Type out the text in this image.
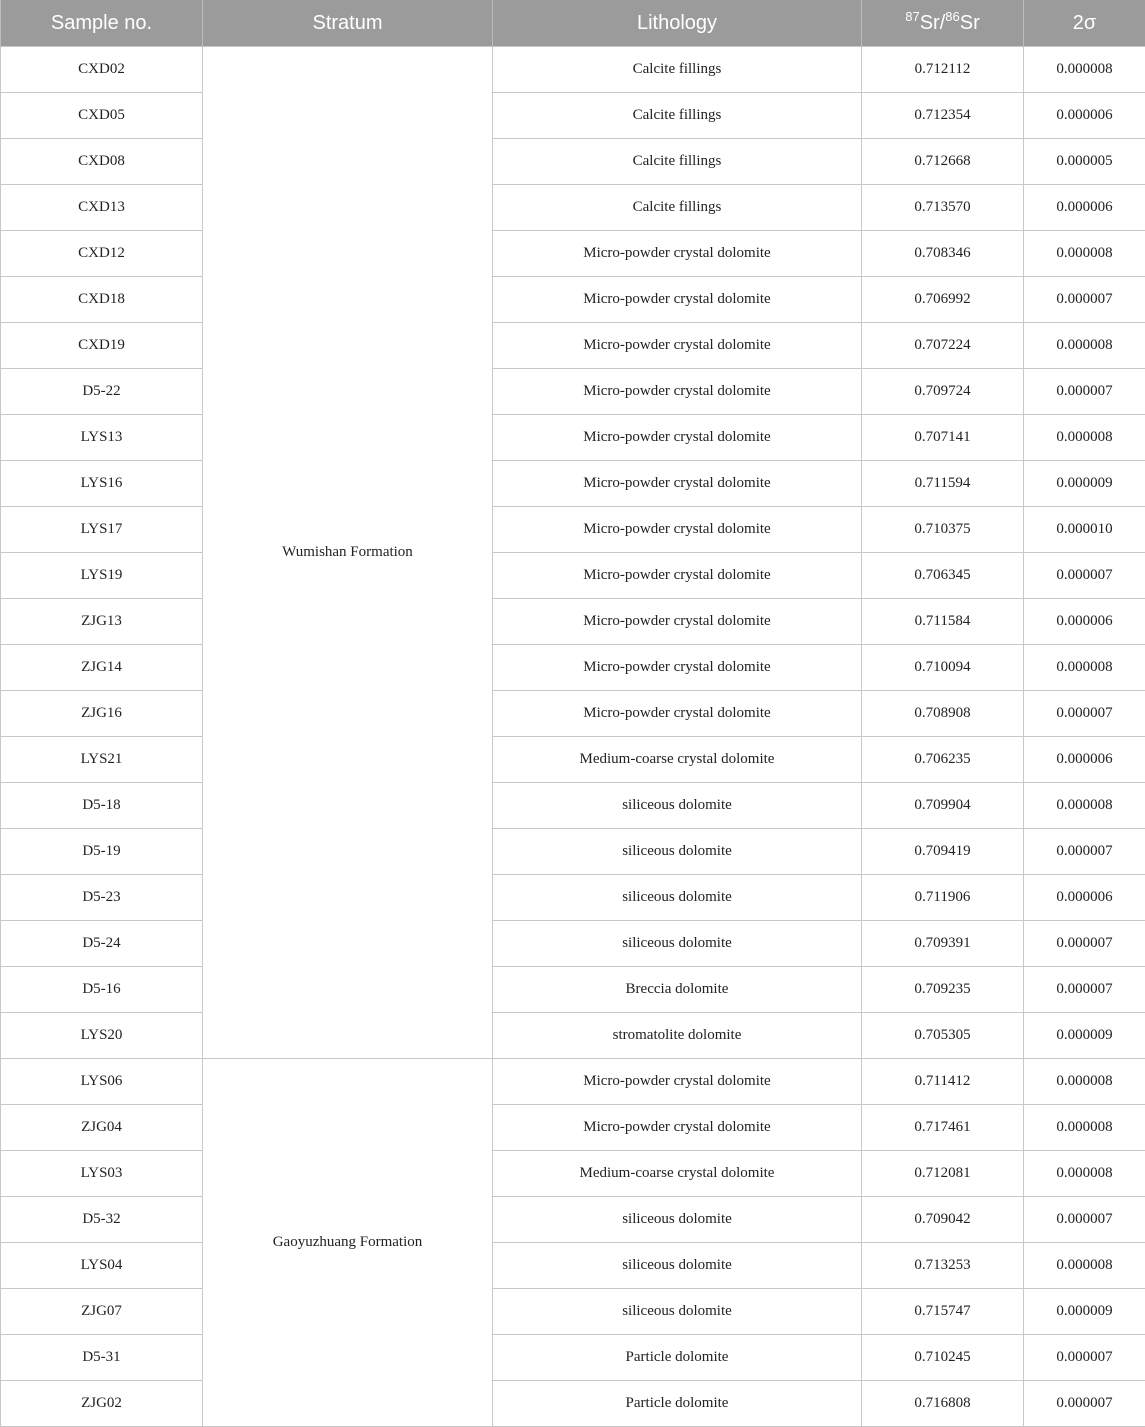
Sample no.	Stratum	Lithology	$^{87}$Sr/$^{86}$Sr	2σ
CXD02	Wumishan Formation	Calcite fillings	0.712112	0.000008
CXD05		Calcite fillings	0.712354	0.000006
CXD08		Calcite fillings	0.712668	0.000005
CXD13		Calcite fillings	0.713570	0.000006
CXD12		Micro-powder crystal dolomite	0.708346	0.000008
CXD18		Micro-powder crystal dolomite	0.706992	0.000007
CXD19		Micro-powder crystal dolomite	0.707224	0.000008
D5-22		Micro-powder crystal dolomite	0.709724	0.000007
LYS13		Micro-powder crystal dolomite	0.707141	0.000008
LYS16		Micro-powder crystal dolomite	0.711594	0.000009
LYS17		Micro-powder crystal dolomite	0.710375	0.000010
LYS19		Micro-powder crystal dolomite	0.706345	0.000007
ZJG13		Micro-powder crystal dolomite	0.711584	0.000006
ZJG14		Micro-powder crystal dolomite	0.710094	0.000008
ZJG16		Micro-powder crystal dolomite	0.708908	0.000007
LYS21		Medium-coarse crystal dolomite	0.706235	0.000006
D5-18		siliceous dolomite	0.709904	0.000008
D5-19		siliceous dolomite	0.709419	0.000007
D5-23		siliceous dolomite	0.711906	0.000006
D5-24		siliceous dolomite	0.709391	0.000007
D5-16		Breccia dolomite	0.709235	0.000007
LYS20		stromatolite dolomite	0.705305	0.000009
LYS06	Gaoyuzhuang Formation	Micro-powder crystal dolomite	0.711412	0.000008
ZJG04		Micro-powder crystal dolomite	0.717461	0.000008
LYS03		Medium-coarse crystal dolomite	0.712081	0.000008
D5-32		siliceous dolomite	0.709042	0.000007
LYS04		siliceous dolomite	0.713253	0.000008
ZJG07		siliceous dolomite	0.715747	0.000009
D5-31		Particle dolomite	0.710245	0.000007
ZJG02		Particle dolomite	0.716808	0.000007
